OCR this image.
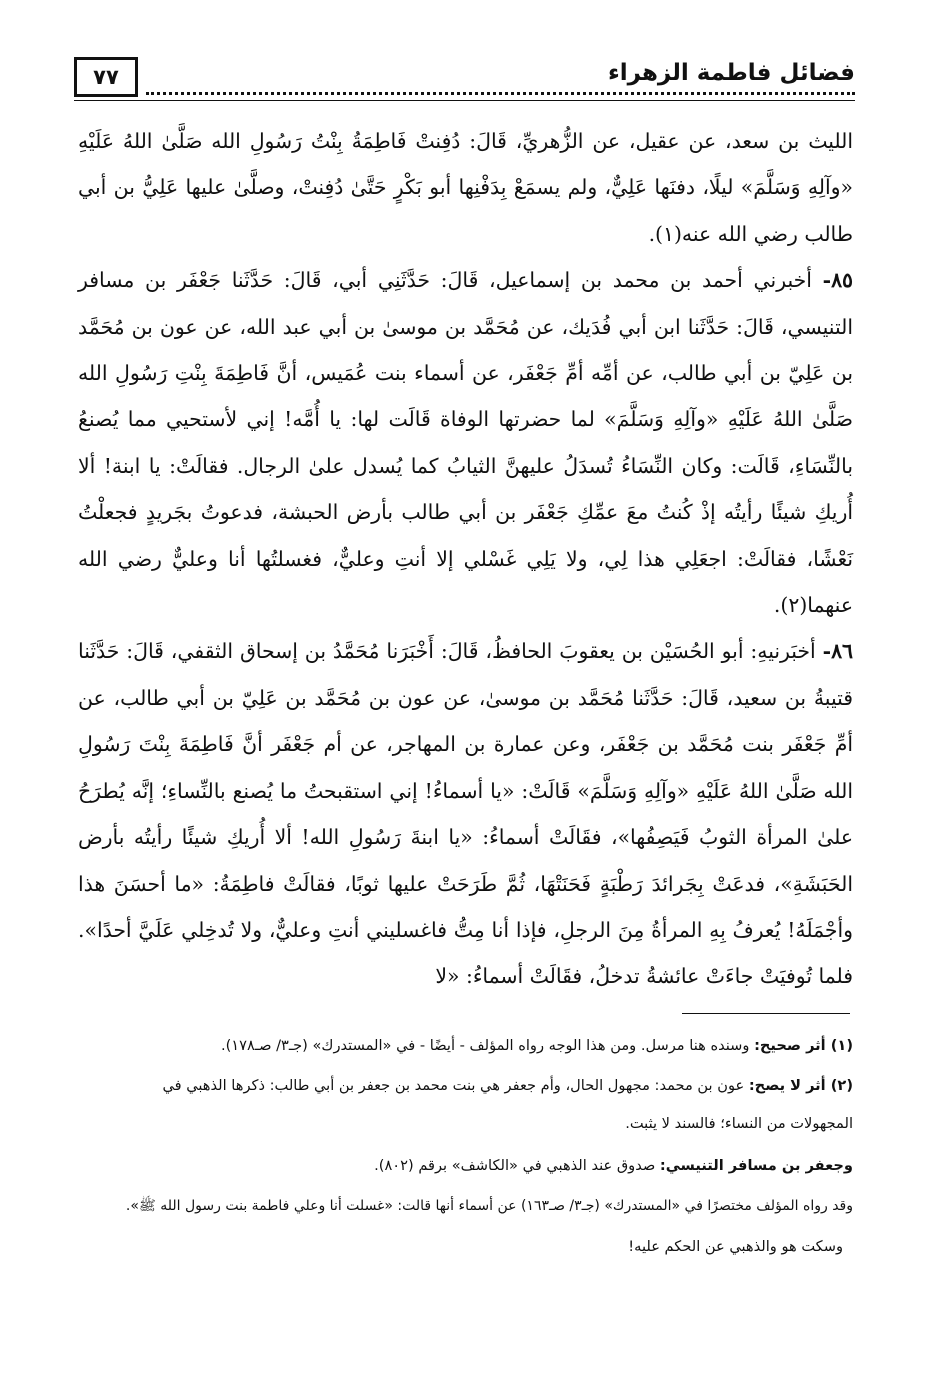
فضائل فاطمة الزهراء
٧٧

الليث بن سعد، عن عقيل، عن الزُّهريِّ، قَالَ: دُفِنتْ فَاطِمَةُ بِنْتُ رَسُولِ الله صَلَّىٰ اللهُ عَلَيْهِ «وآلِهِ وَسَلَّمَ» ليلًا، دفنَها عَلِيٌّ، ولم يسمَعْ بِدَفْنِها أبو بَكْرٍ حَتَّىٰ دُفِنتْ، وصلَّىٰ عليها عَلِيُّ بن أبي طالب رضي الله عنه(١).

٨٥- أخبرني أحمد بن محمد بن إسماعيل، قَالَ: حَدَّثَنِي أبي، قَالَ: حَدَّثَنا جَعْفَر بن مسافر التنيسي، قَالَ: حَدَّثَنا ابن أبي فُدَيك، عن مُحَمَّد بن موسىٰ بن أبي عبد الله، عن عون بن مُحَمَّد بن عَلِيّ بن أبي طالب، عن أمِّه أمِّ جَعْفَر، عن أسماء بنت عُمَيس، أنَّ فَاطِمَةَ بِنْتِ رَسُولِ الله صَلَّىٰ اللهُ عَلَيْهِ «وآلِهِ وَسَلَّمَ» لما حضرتها الوفاة قَالَت لها: يا أُمَّه! إني لأستحيي مما يُصنعُ بالنِّسَاءِ، قَالَت: وكان النِّسَاءُ تُسدَلُ عليهنَّ الثيابُ كما يُسدل علىٰ الرجال. فقالَتْ: يا ابنة! ألا أُريكِ شيئًا رأيتُه إذْ كُنتُ معَ عمِّكِ جَعْفَر بن أبي طالب بأرض الحبشة، فدعوتُ بجَريدٍ فجعلْتُ نَعْشًا، فقالَتْ: اجعَلِي هذا لِي، ولا يَلِي غَسْلي إلا أنتِ وعليٌّ، فغسلتُها أنا وعليٌّ رضي الله عنهما(٢).

٨٦- أخبَرنيهِ: أبو الحُسَيْن بن يعقوبَ الحافظُ، قَالَ: أَخْبَرَنا مُحَمَّدُ بن إسحاق الثقفي، قَالَ: حَدَّثَنا قتيبةُ بن سعيد، قَالَ: حَدَّثَنا مُحَمَّد بن موسىٰ، عن عون بن مُحَمَّد بن عَلِيّ بن أبي طالب، عن أمِّ جَعْفَر بنت مُحَمَّد بن جَعْفَر، وعن عمارة بن المهاجر، عن أم جَعْفَر أنَّ فَاطِمَةَ بِنْتَ رَسُولِ الله صَلَّىٰ اللهُ عَلَيْهِ «وآلِهِ وَسَلَّمَ» قَالَتْ: «يا أسماءُ! إني استقبحتُ ما يُصنع بالنِّساءِ؛ إنَّه يُطرَحُ علىٰ المرأة الثوبُ فَيَصِفُها»، فقَالَتْ أسماءُ: «يا ابنةَ رَسُولِ الله! ألا أُريكِ شيئًا رأيتُه بأرض الحَبَشَةِ»، فدعَتْ بِجَرائدَ رَطْبَةٍ فَحَنَتْهَا، ثُمَّ طَرَحَتْ عليها ثوبًا، فقالَتْ فاطِمَةُ: «ما أحسَنَ هذا وأجْمَلَهُ! يُعرفُ بِهِ المرأةُ مِنَ الرجلِ، فإذا أنا مِتُّ فاغسليني أنتِ وعليٌّ، ولا تُدخِلي عَلَيَّ أحدًا». فلما تُوفيَتْ جاءَتْ عائشةُ تدخلُ، فقَالَتْ أسماءُ: «لا

(١) أثر صحيح: وسنده هنا مرسل. ومن هذا الوجه رواه المؤلف - أيضًا - في «المستدرك» (جـ٣/ صـ١٧٨).
(٢) أثر لا يصح: عون بن محمد: مجهول الحال، وأم جعفر هي بنت محمد بن جعفر بن أبي طالب: ذكرها الذهبي في
المجهولات من النساء؛ فالسند لا يثبت.
وجعفر بن مسافر التنيسي: صدوق عند الذهبي في «الكاشف» برقم (٨٠٢).
وقد رواه المؤلف مختصرًا في «المستدرك» (جـ٣/ صـ١٦٣) عن أسماء أنها قالت: «غسلت أنا وعلي فاطمة بنت رسول الله ﷺ».
وسكت هو والذهبي عن الحكم عليه!
